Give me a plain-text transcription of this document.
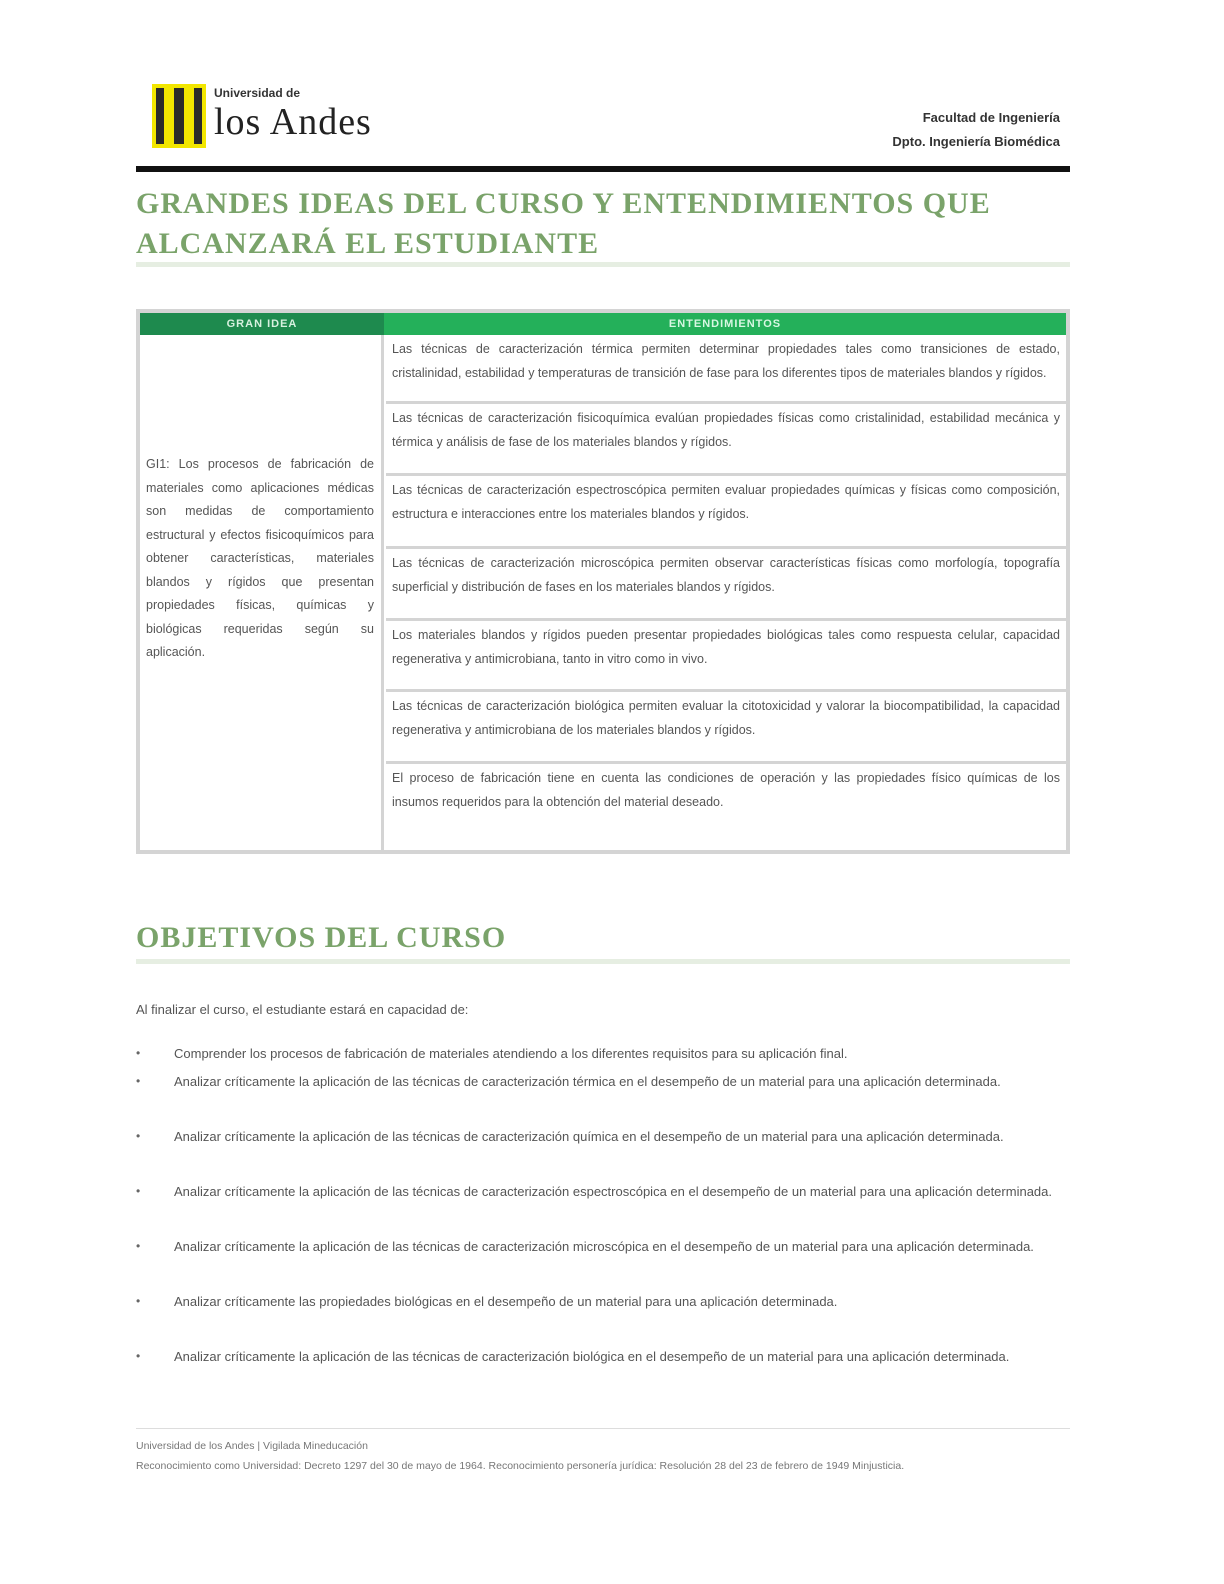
Universidad de
los Andes	Facultad de Ingeniería
Dpto. Ingeniería Biomédica
GRANDES IDEAS DEL CURSO Y ENTENDIMIENTOS QUE
ALCANZARÁ EL ESTUDIANTE
GRAN IDEA	ENTENDIMIENTOS
GI1: Los procesos de fabricación de materiales como aplicaciones médicas son medidas de comportamiento estructural y efectos fisicoquímicos para obtener características, materiales blandos y rígidos que presentan propiedades físicas, químicas y biológicas requeridas según su aplicación.
Las técnicas de caracterización térmica permiten determinar propiedades tales como transiciones de estado, cristalinidad, estabilidad y temperaturas de transición de fase para los diferentes tipos de materiales blandos y rígidos.
Las técnicas de caracterización fisicoquímica evalúan propiedades físicas como cristalinidad, estabilidad mecánica y térmica y análisis de fase de los materiales blandos y rígidos.
Las técnicas de caracterización espectroscópica permiten evaluar propiedades químicas y físicas como composición, estructura e interacciones entre los materiales blandos y rígidos.
Las técnicas de caracterización microscópica permiten observar características físicas como morfología, topografía superficial y distribución de fases en los materiales blandos y rígidos.
Los materiales blandos y rígidos pueden presentar propiedades biológicas tales como respuesta celular, capacidad regenerativa y antimicrobiana, tanto in vitro como in vivo.
Las técnicas de caracterización biológica permiten evaluar la citotoxicidad y valorar la biocompatibilidad, la capacidad regenerativa y antimicrobiana de los materiales blandos y rígidos.
El proceso de fabricación tiene en cuenta las condiciones de operación y las propiedades físico químicas de los insumos requeridos para la obtención del material deseado.
OBJETIVOS DEL CURSO
Al finalizar el curso, el estudiante estará en capacidad de:
•	Comprender los procesos de fabricación de materiales atendiendo a los diferentes requisitos para su aplicación final.
•	Analizar críticamente la aplicación de las técnicas de caracterización térmica en el desempeño de un material para una aplicación determinada.
•	Analizar críticamente la aplicación de las técnicas de caracterización química en el desempeño de un material para una aplicación determinada.
•	Analizar críticamente la aplicación de las técnicas de caracterización espectroscópica en el desempeño de un material para una aplicación determinada.
•	Analizar críticamente la aplicación de las técnicas de caracterización microscópica en el desempeño de un material para una aplicación determinada.
•	Analizar críticamente las propiedades biológicas en el desempeño de un material para una aplicación determinada.
•	Analizar críticamente la aplicación de las técnicas de caracterización biológica en el desempeño de un material para una aplicación determinada.
Universidad de los Andes | Vigilada Mineducación
Reconocimiento como Universidad: Decreto 1297 del 30 de mayo de 1964. Reconocimiento personería jurídica: Resolución 28 del 23 de febrero de 1949 Minjusticia.
